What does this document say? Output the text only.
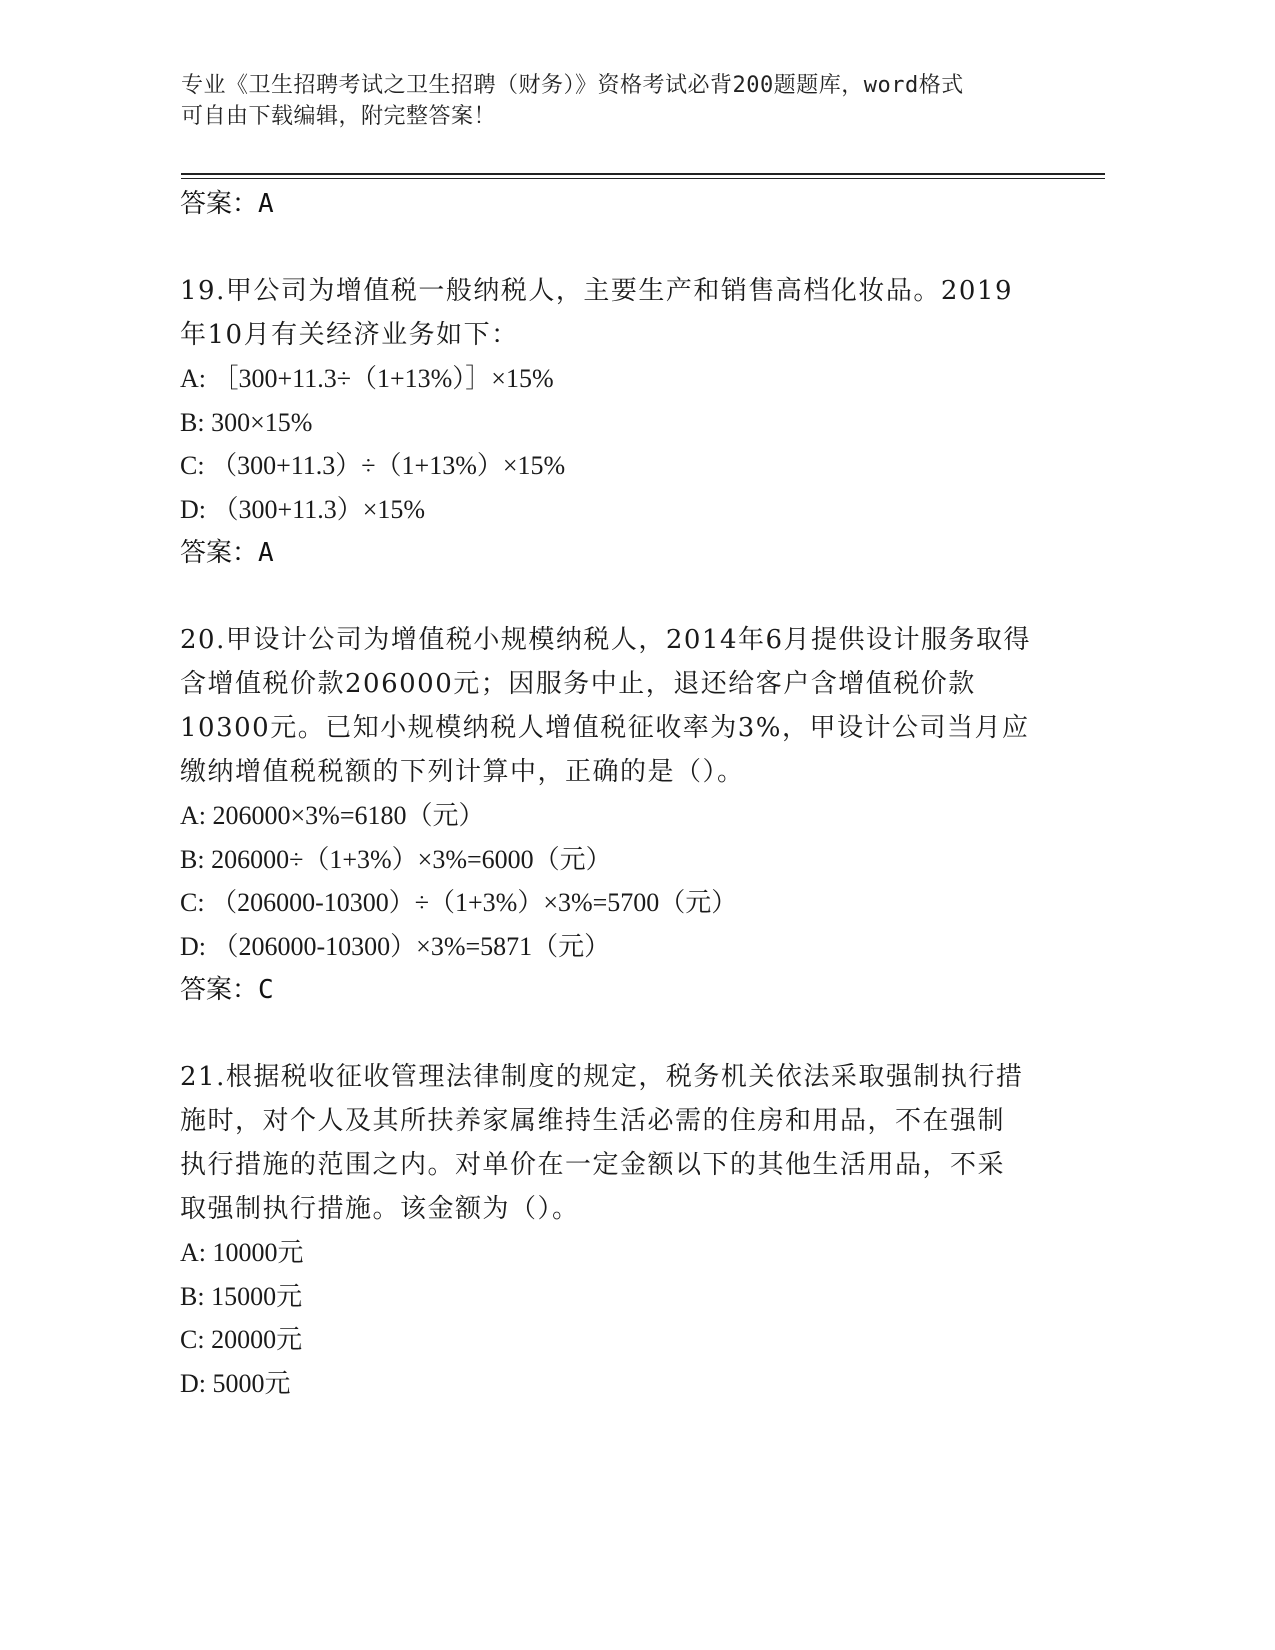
专业《卫生招聘考试之卫生招聘（财务）》资格考试必背200题题库，word格式
可自由下载编辑，附完整答案！
答案：A
19.甲公司为增值税一般纳税人，主要生产和销售高档化妆品。2019
年10月有关经济业务如下：
A: ［300+11.3÷（1+13%）］×15%
B: 300×15%
C: （300+11.3）÷（1+13%）×15%
D: （300+11.3）×15%
答案：A
20.甲设计公司为增值税小规模纳税人，2014年6月提供设计服务取得
含增值税价款206000元；因服务中止，退还给客户含增值税价款
10300元。已知小规模纳税人增值税征收率为3%，甲设计公司当月应
缴纳增值税税额的下列计算中，正确的是（）。
A: 206000×3%=6180（元）
B: 206000÷（1+3%）×3%=6000（元）
C: （206000-10300）÷（1+3%）×3%=5700（元）
D: （206000-10300）×3%=5871（元）
答案：C
21.根据税收征收管理法律制度的规定，税务机关依法采取强制执行措
施时，对个人及其所扶养家属维持生活必需的住房和用品，不在强制
执行措施的范围之内。对单价在一定金额以下的其他生活用品，不采
取强制执行措施。该金额为（）。
A: 10000元
B: 15000元
C: 20000元
D: 5000元
